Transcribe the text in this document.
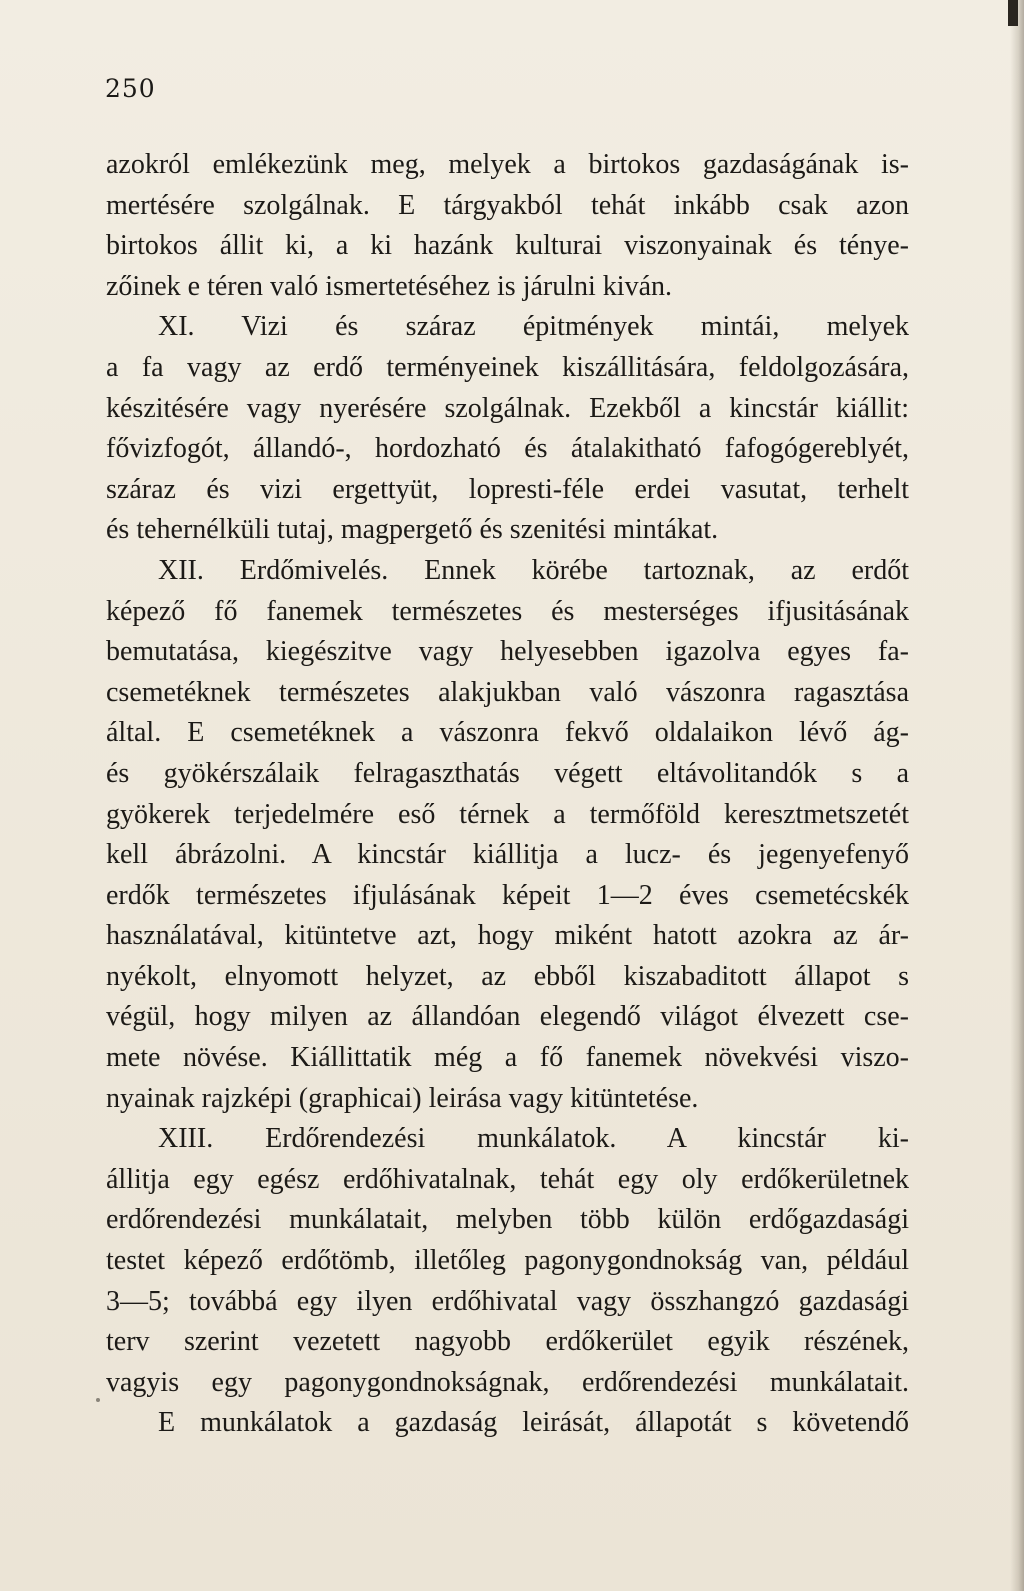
250
azokról emlékezünk meg, melyek a birtokos gazdaságának is-
mertésére szolgálnak. E tárgyakból tehát inkább csak azon
birtokos állit ki, a ki hazánk kulturai viszonyainak és ténye-
zőinek e téren való ismertetéséhez is járulni kiván.
XI. Vizi és száraz épitmények mintái, melyek
a fa vagy az erdő terményeinek kiszállitására, feldolgozására,
készitésére vagy nyerésére szolgálnak. Ezekből a kincstár kiállit:
fővizfogót, állandó-, hordozható és átalakitható fafogógereblyét,
száraz és vizi ergettyüt, lopresti-féle erdei vasutat, terhelt
és tehernélküli tutaj, magpergető és szenitési mintákat.
XII. Erdőmivelés. Ennek körébe tartoznak, az erdőt
képező fő fanemek természetes és mesterséges ifjusitásának
bemutatása, kiegészitve vagy helyesebben igazolva egyes fa-
csemetéknek természetes alakjukban való vászonra ragasztása
által. E csemetéknek a vászonra fekvő oldalaikon lévő ág-
és gyökérszálaik felragaszthatás végett eltávolitandók s a
gyökerek terjedelmére eső térnek a termőföld keresztmetszetét
kell ábrázolni. A kincstár kiállitja a lucz- és jegenyefenyő
erdők természetes ifjulásának képeit 1—2 éves csemetécskék
használatával, kitüntetve azt, hogy miként hatott azokra az ár-
nyékolt, elnyomott helyzet, az ebből kiszabaditott állapot s
végül, hogy milyen az állandóan elegendő világot élvezett cse-
mete növése. Kiállittatik még a fő fanemek növekvési viszo-
nyainak rajzképi (graphicai) leirása vagy kitüntetése.
XIII. Erdőrendezési munkálatok. A kincstár ki-
állitja egy egész erdőhivatalnak, tehát egy oly erdőkerületnek
erdőrendezési munkálatait, melyben több külön erdőgazdasági
testet képező erdőtömb, illetőleg pagonygondnokság van, például
3—5; továbbá egy ilyen erdőhivatal vagy összhangzó gazdasági
terv szerint vezetett nagyobb erdőkerület egyik részének,
vagyis egy pagonygondnokságnak, erdőrendezési munkálatait.
E munkálatok a gazdaság leirását, állapotát s követendő
